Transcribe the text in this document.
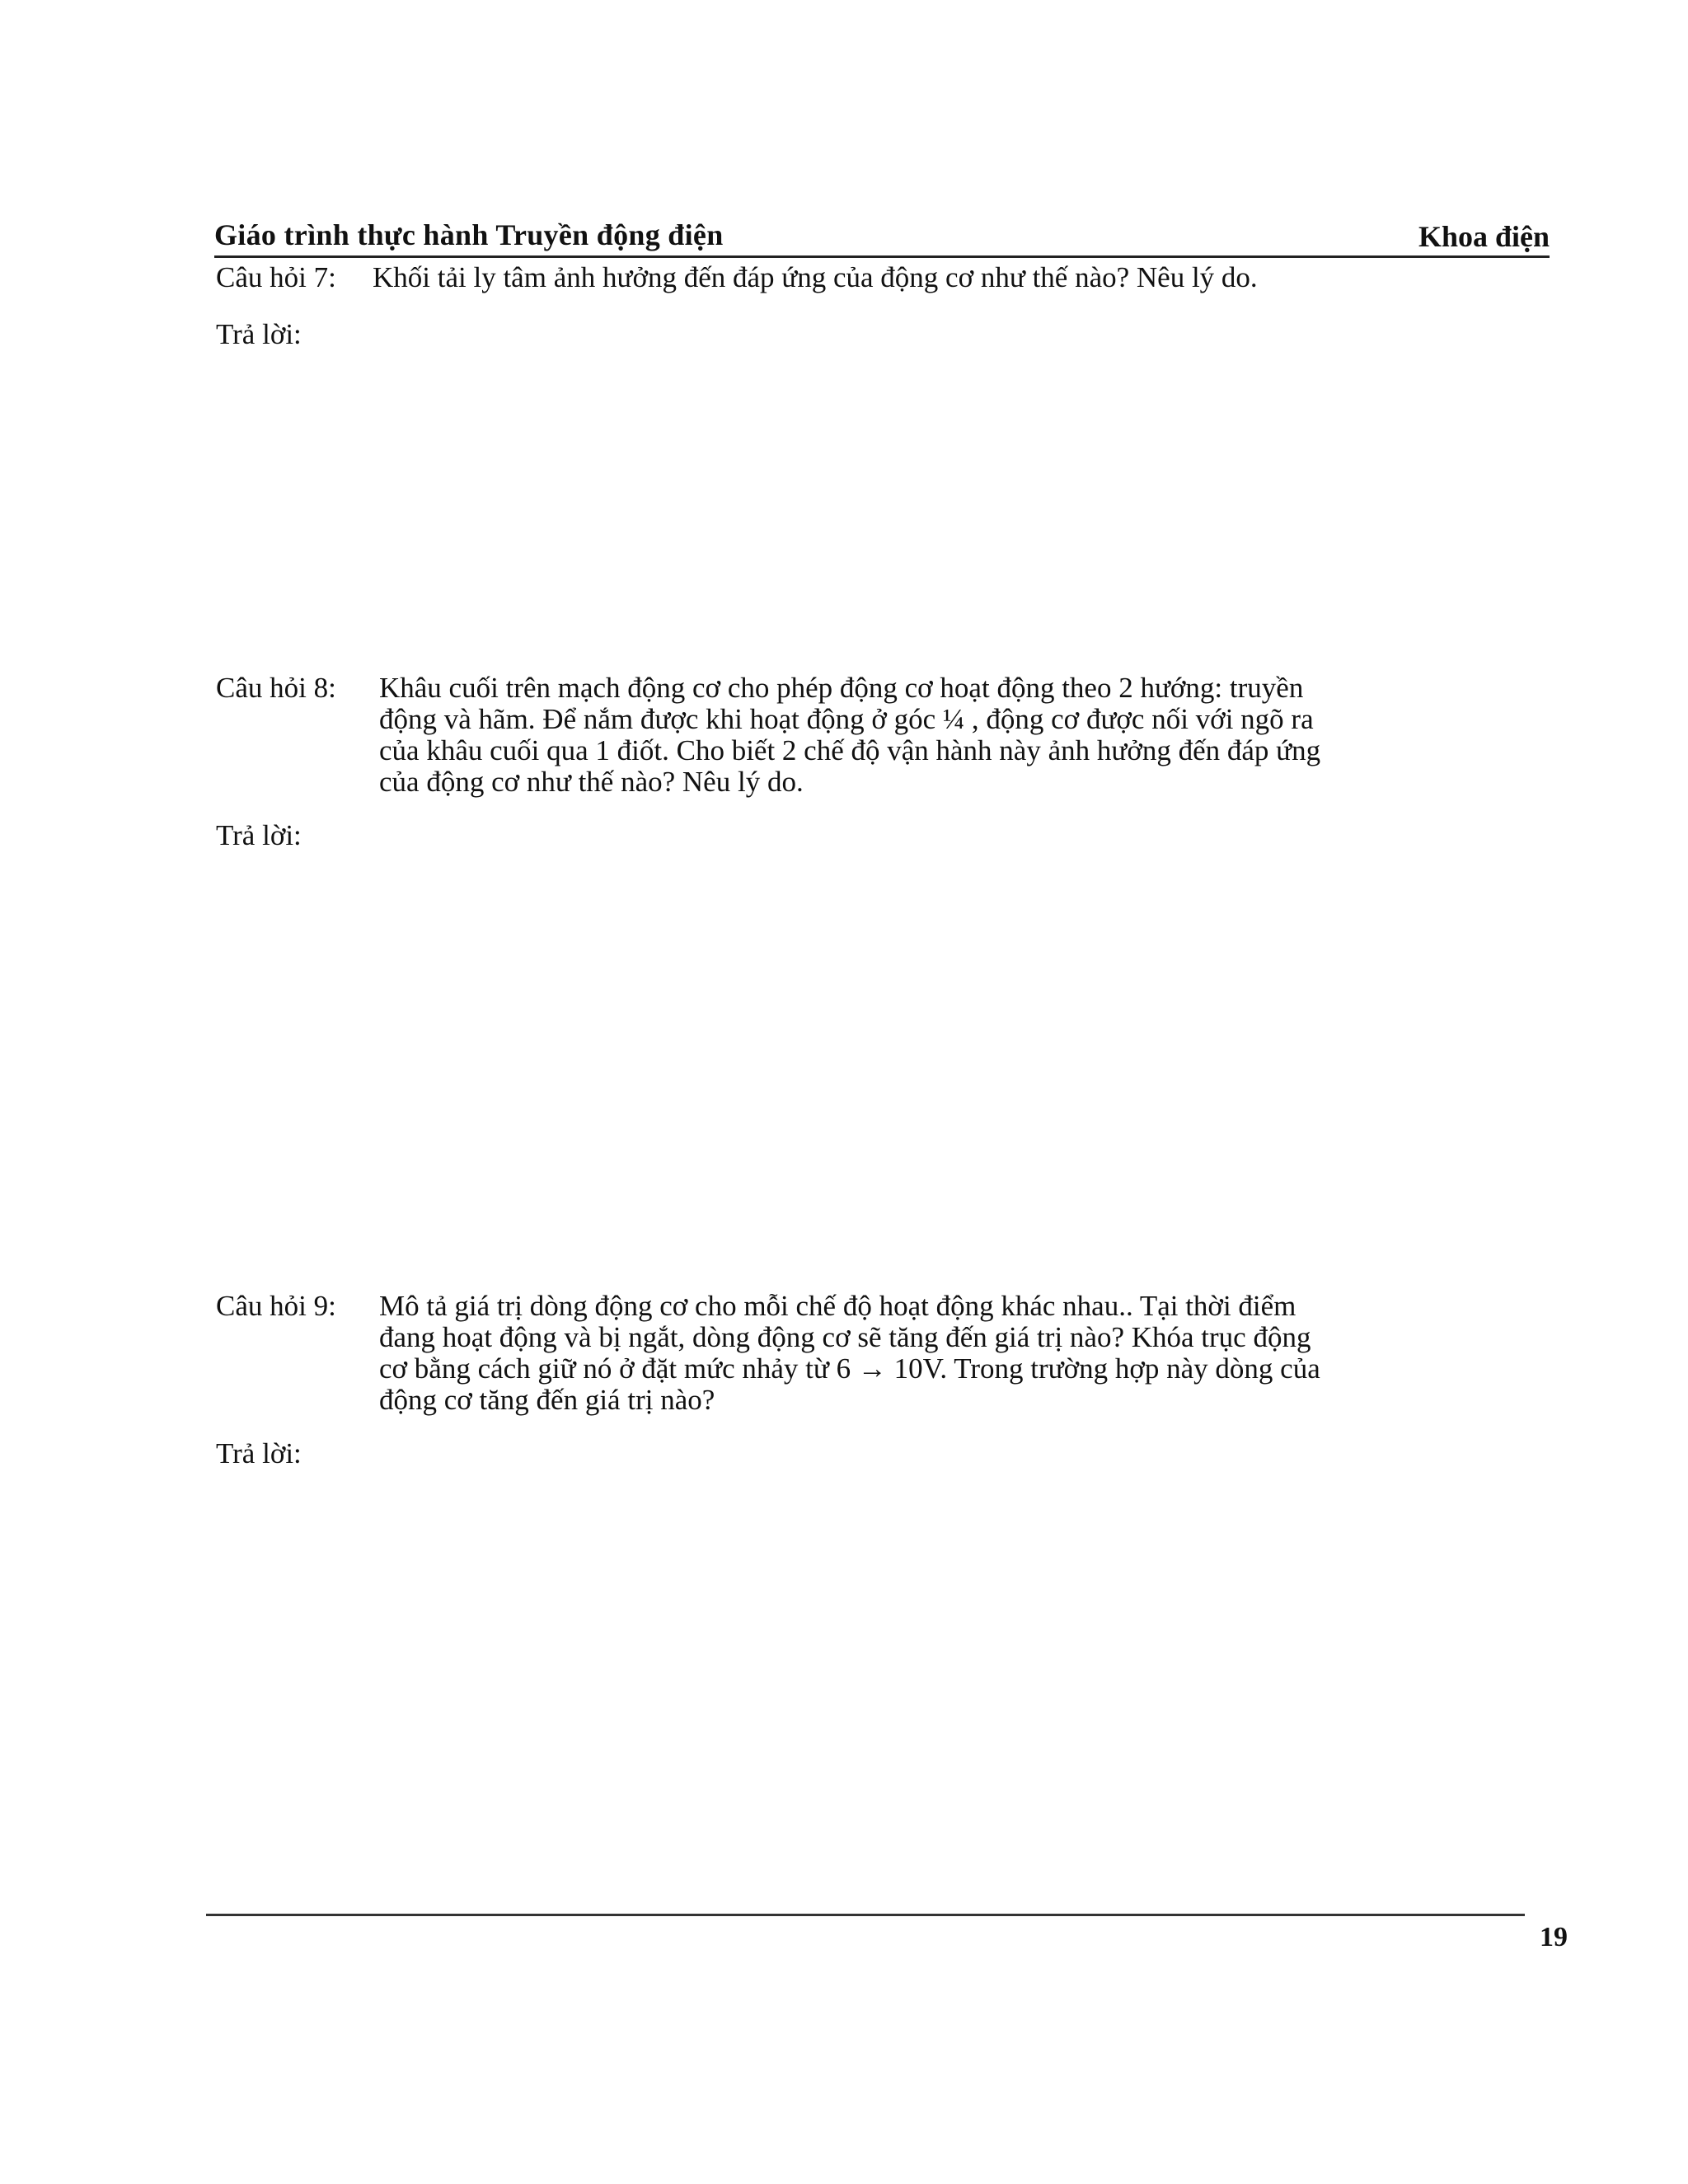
Giáo trình thực hành Truyền động điện	Khoa điện
Câu hỏi 7: Khối tải ly tâm ảnh hưởng đến đáp ứng của động cơ như thế nào? Nêu lý do.
Trả lời:
Câu hỏi 8: Khâu cuối trên mạch động cơ cho phép động cơ hoạt động theo 2 hướng: truyền
động và hãm. Để nắm được khi hoạt động ở góc ¼ , động cơ được nối với ngõ ra
của khâu cuối qua 1 điốt. Cho biết 2 chế độ vận hành này ảnh hưởng đến đáp ứng
của động cơ như thế nào? Nêu lý do.
Trả lời:
Câu hỏi 9: Mô tả giá trị dòng động cơ cho mỗi chế độ hoạt động khác nhau.. Tại thời điểm
đang hoạt động và bị ngắt, dòng động cơ sẽ tăng đến giá trị nào? Khóa trục động
cơ bằng cách giữ nó ở đặt mức nhảy từ 6 → 10V. Trong trường hợp này dòng của
động cơ tăng đến giá trị nào?
Trả lời:
19
